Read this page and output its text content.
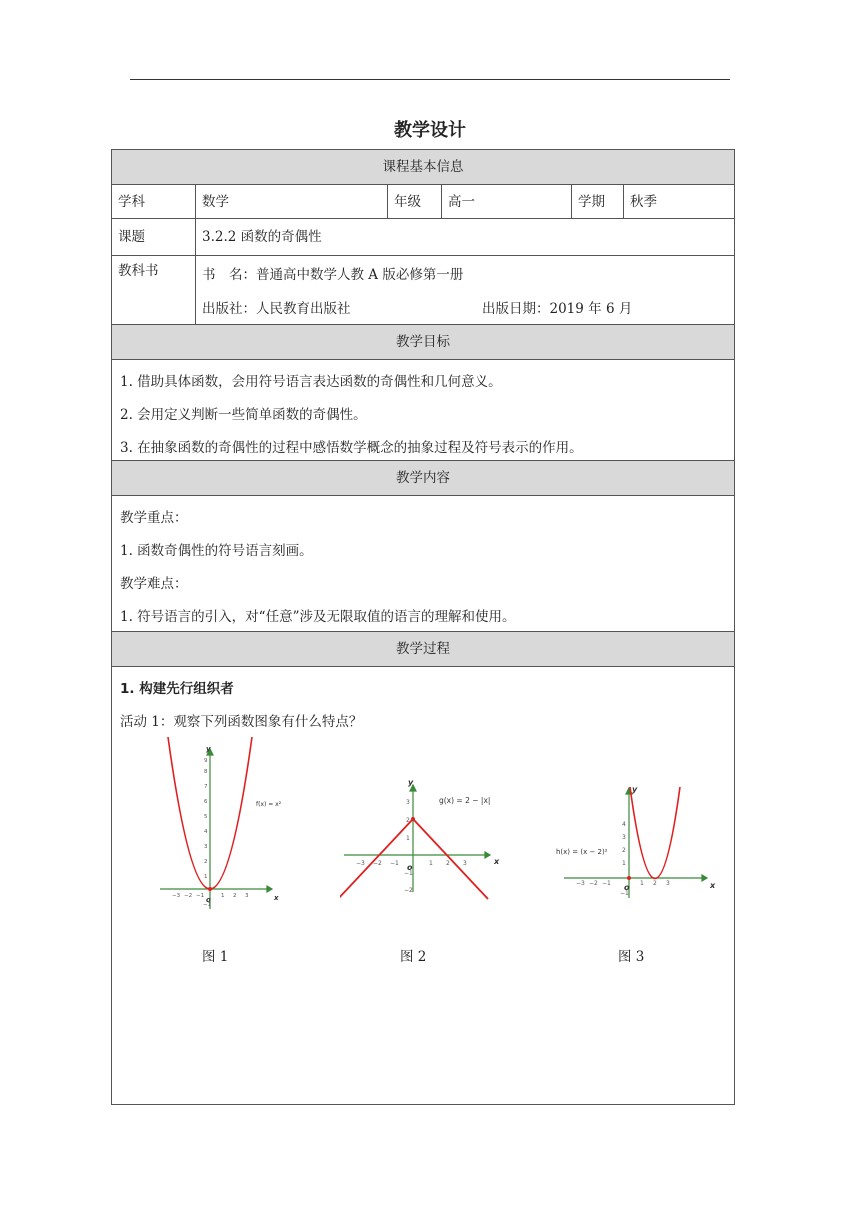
教学设计
课程基本信息
学科	数学	年级	高一	学期	秋季
课题	3.2.2 函数的奇偶性
教科书	书　名：普通高中数学人教 A 版必修第一册
出版社：人民教育出版社	出版日期：2019 年 6 月
教学目标
1. 借助具体函数，会用符号语言表达函数的奇偶性和几何意义。
2. 会用定义判断一些简单函数的奇偶性。
3. 在抽象函数的奇偶性的过程中感悟数学概念的抽象过程及符号表示的作用。
教学内容
教学重点：
1. 函数奇偶性的符号语言刻画。
教学难点：
1. 符号语言的引入，对“任意”涉及无限取值的语言的理解和使用。
教学过程
1. 构建先行组织者
活动 1：观察下列函数图象有什么特点？
−3 −2 −1	1 2 3
1
2
3
4
5
6
7
8
9
−1
o	x
y
f(x) = x²
图 1
−3 −2 −1	1 2 3
1
2
3
−1
−2
o
x
y
g(x) = 2 − |x|
图 2
−3 −2 −1	1 2 3
1
2
3
4
−1
o	x
y
h(x) = (x − 2)²
图 3
